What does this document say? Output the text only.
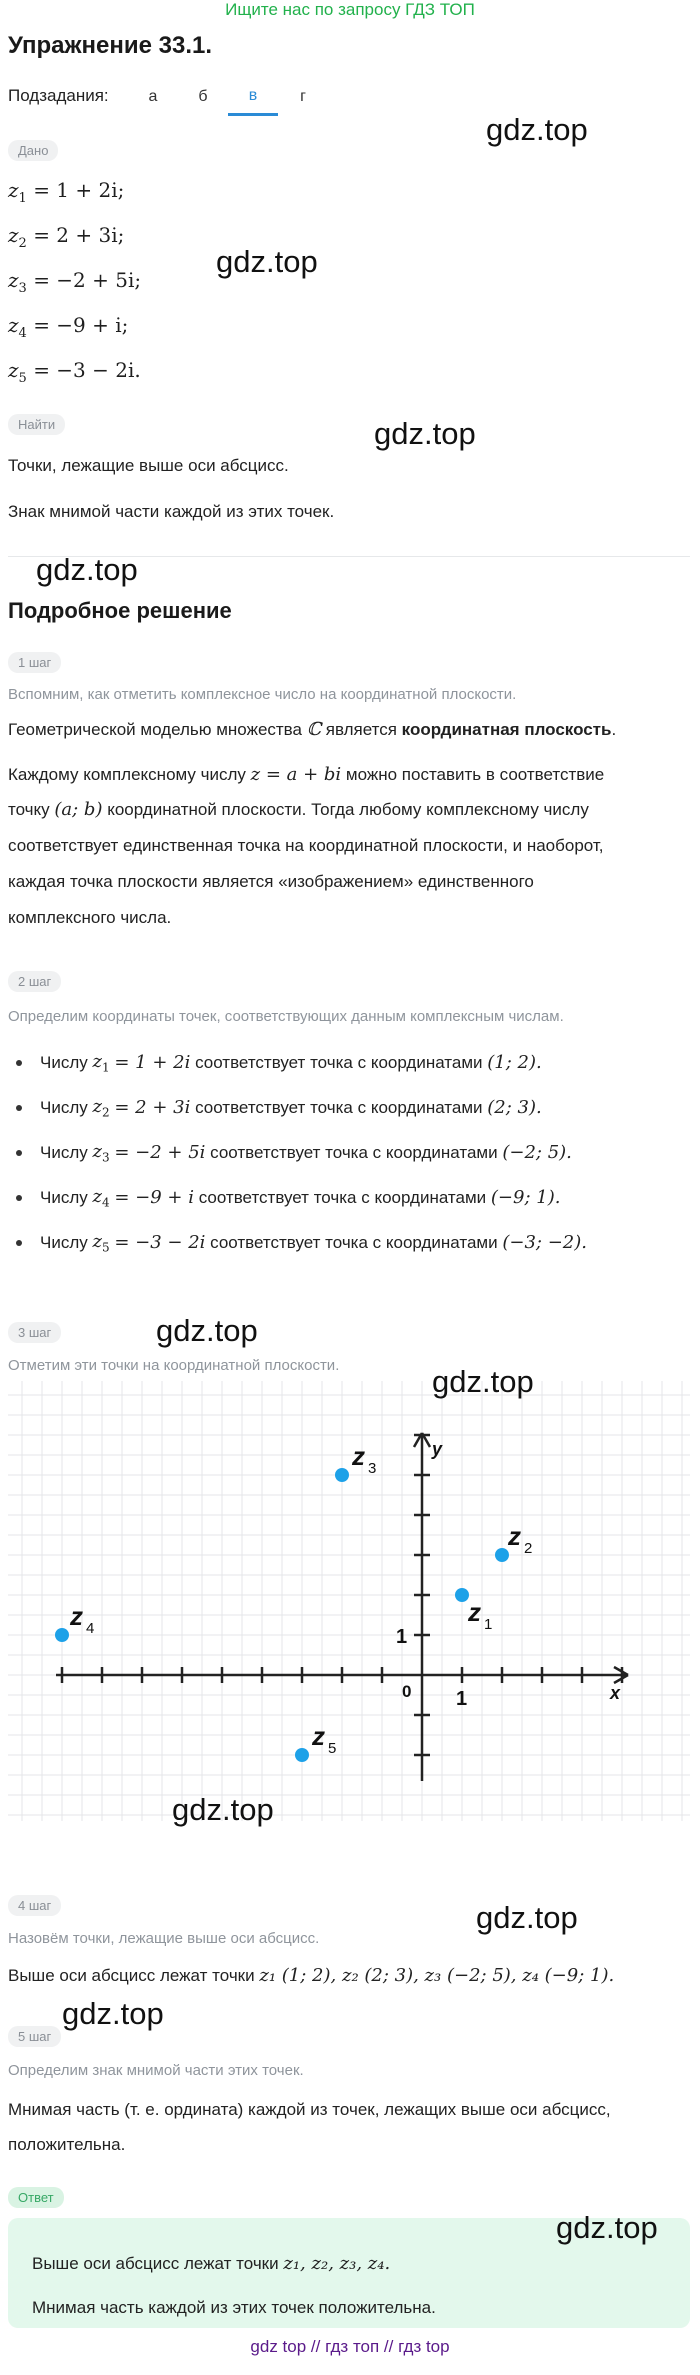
Ищите нас по запросу ГДЗ ТОП
Упражнение 33.1.
Подзадания:	а	б	в	г
Дано
$z_1 = 1 + 2i$;
$z_2 = 2 + 3i$;
$z_3 = -2 + 5i$;
$z_4 = -9 + i$;
$z_5 = -3 - 2i$.
Найти
Точки, лежащие выше оси абсцисс.
Знак мнимой части каждой из этих точек.
Подробное решение
1 шаг
Вспомним, как отметить комплексное число на координатной плоскости.
Геометрической моделью множества ℂ является координатная плоскость.
Каждому комплексному числу z = a + bi можно поставить в соответствие
точку (a; b) координатной плоскости. Тогда любому комплексному числу
соответствует единственная точка на координатной плоскости, и наоборот,
каждая точка плоскости является «изображением» единственного
комплексного числа.
2 шаг
Определим координаты точек, соответствующих данным комплексным числам.
Числу
$z_1$
= 1 + 2i
соответствует точка с координатами
(1; 2).
Числу
$z_2$
= 2 + 3i
соответствует точка с координатами
(2; 3).
Числу
$z_3$
= −2 + 5i
соответствует точка с координатами
(−2; 5).
Числу
$z_4$
= −9 + i
соответствует точка с координатами
(−9; 1).
Числу
$z_5$
= −3 − 2i
соответствует точка с координатами
(−3; −2).
3 шаг
Отметим эти точки на координатной плоскости.
0	x
y
1
1
z 1
z 2
z 3
z 4
z 5
4 шаг
Назовём точки, лежащие выше оси абсцисс.
Выше оси абсцисс лежат точки z₁ (1; 2), z₂ (2; 3), z₃ (−2; 5), z₄ (−9; 1).
5 шаг
Определим знак мнимой части этих точек.
Мнимая часть (т. е. ордината) каждой из точек, лежащих выше оси абсцисс,
положительна.
Ответ
Выше оси абсцисс лежат точки z₁, z₂, z₃, z₄.
Мнимая часть каждой из этих точек положительна.
gdz.top
gdz.top
gdz.top
gdz.top
gdz.top
gdz.top
gdz.top
gdz.top
gdz.top
gdz.top
gdz top // гдз топ // гдз top
